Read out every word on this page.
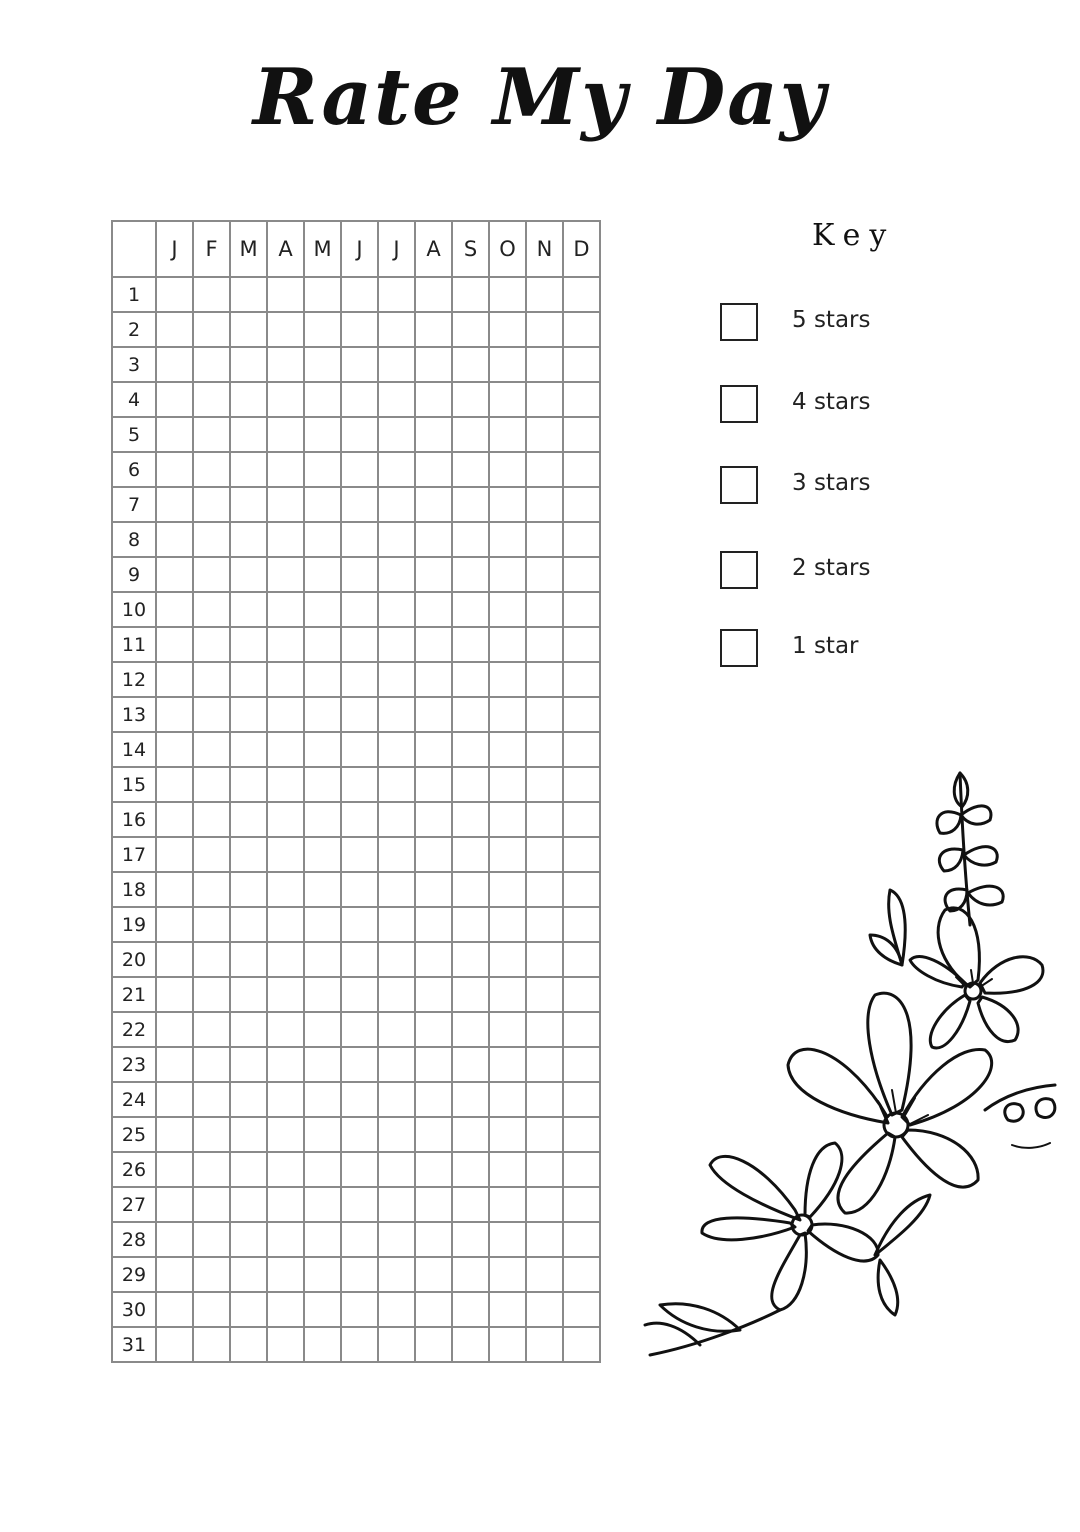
Rate My Day
	J	F	M	A	M	J	J	A	S	O	N	D
1												
2												
3												
4												
5												
6												
7												
8												
9												
10												
11												
12												
13												
14												
15												
16												
17												
18												
19												
20												
21												
22												
23												
24												
25												
26												
27												
28												
29												
30												
31												
Key
5 stars
4 stars
3 stars
2 stars
1 star
